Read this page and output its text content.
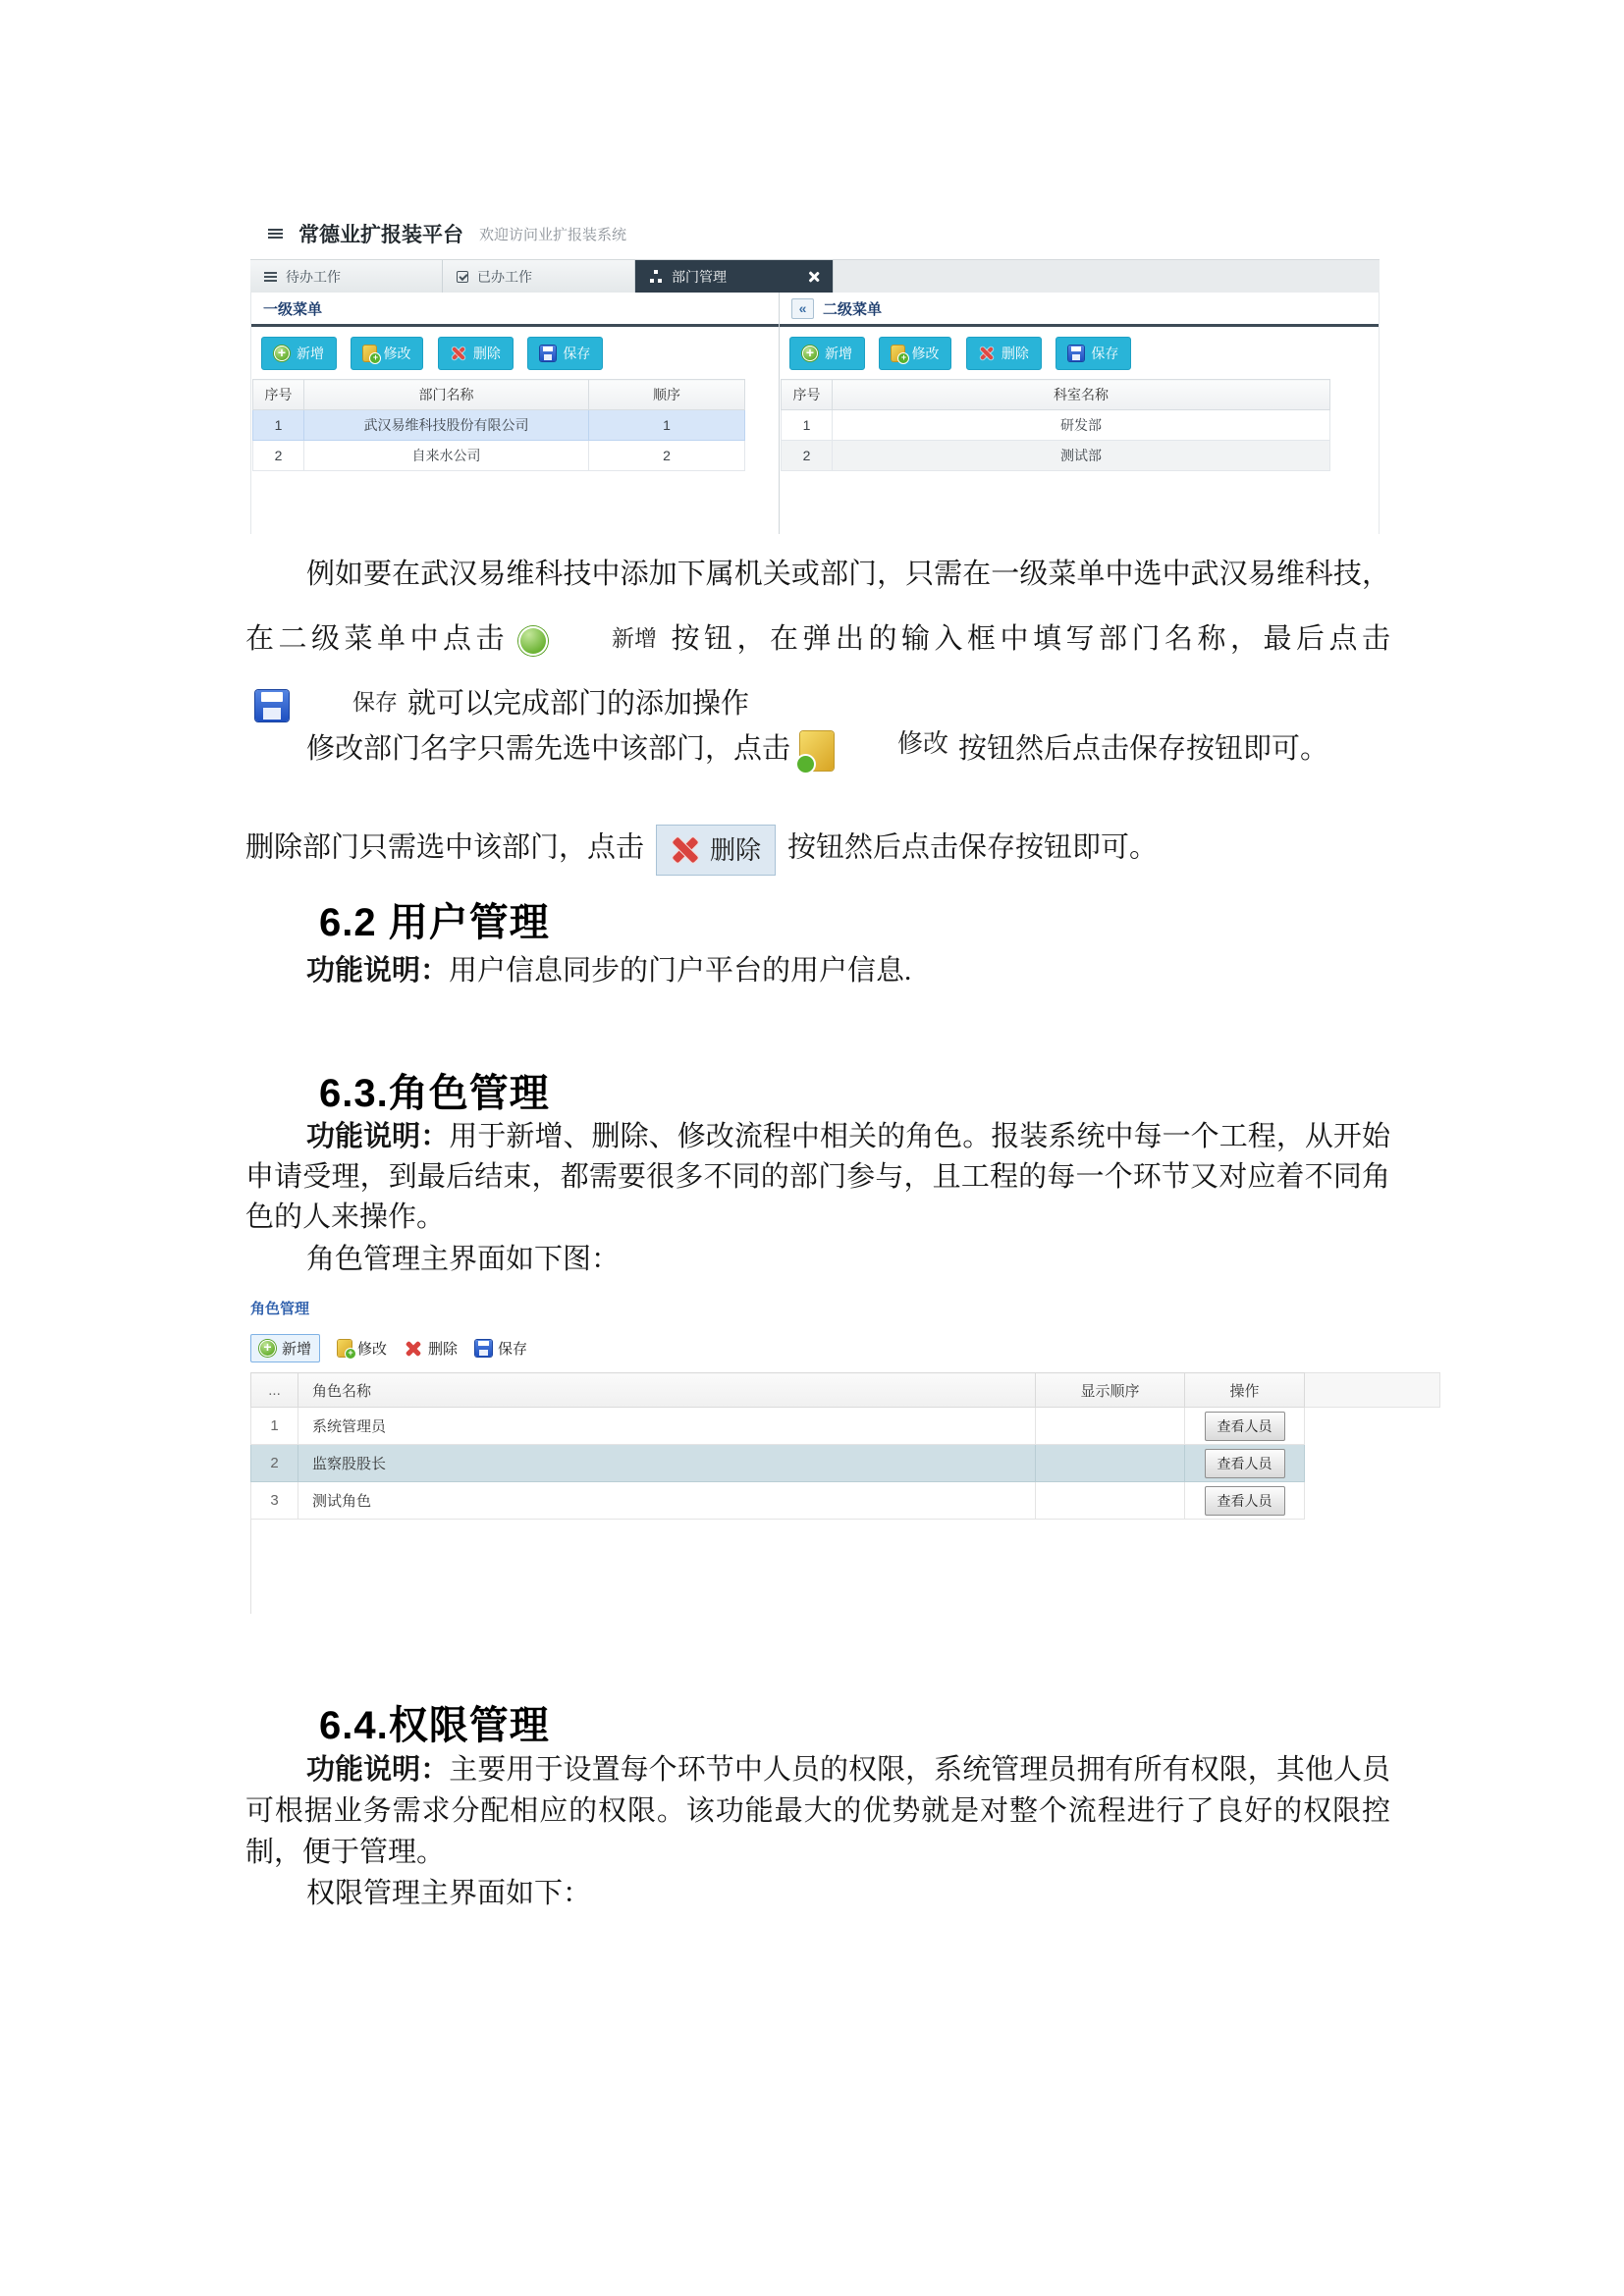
常德业扩报装平台 欢迎访问业扩报装系统
待办工作	已办工作	部门管理
一级菜单
+
新增
+	修改
	删除
	保存
序号	部门名称	顺序
1	武汉易维科技股份有限公司	1
2	自来水公司	2
«	二级菜单
+
新增
+	修改
	删除
	保存
序号	科室名称
1	研发部
2	测试部
例如要在武汉易维科技中添加下属机关或部门，只需在一级菜单中选中武汉易维科技，在二级菜单中点击 +	新增 按钮，在弹出的输入框中填写部门名称，最后点击
保存 就可以完成部门的添加操作
修改部门名字只需先选中该部门，点击 +	修改 按钮然后点击保存按钮即可。
删除部门只需选中该部门，点击	删除 按钮然后点击保存按钮即可。
6.2 用户管理
功能说明：用户信息同步的门户平台的用户信息.
6.3.角色管理
功能说明：用于新增、删除、修改流程中相关的角色。报装系统中每一个工程，从开始申请受理，到最后结束，都需要很多不同的部门参与，且工程的每一个环节又对应着不同角色的人来操作。
角色管理主界面如下图：
角色管理
+
新增 +	修改	删除	保存
...	角色名称	显示顺序	操作	
1	系统管理员		查看人员	
2	监察股股长		查看人员	
3	测试角色		查看人员	
6.4.权限管理
功能说明：主要用于设置每个环节中人员的权限，系统管理员拥有所有权限，其他人员可根据业务需求分配相应的权限。该功能最大的优势就是对整个流程进行了良好的权限控制，便于管理。
权限管理主界面如下：
